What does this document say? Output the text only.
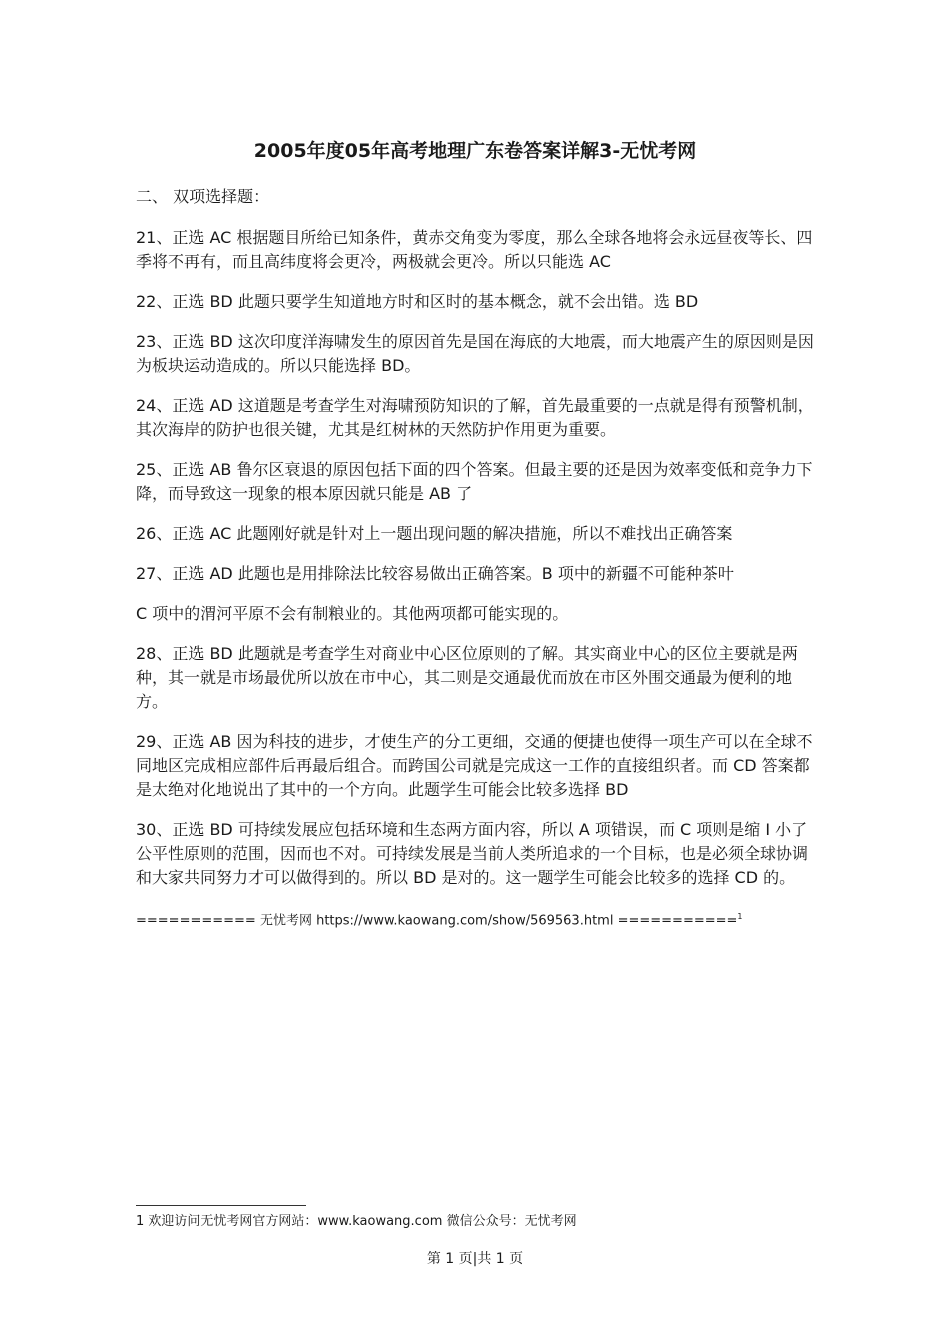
2005年度05年高考地理广东卷答案详解3-无忧考网

二、 双项选择题：

21、正选 AC 根据题目所给已知条件，黄赤交角变为零度，那么全球各地将会永远昼夜等长、四季将不再有，而且高纬度将会更冷，两极就会更冷。所以只能选 AC

22、正选 BD 此题只要学生知道地方时和区时的基本概念，就不会出错。选 BD

23、正选 BD 这次印度洋海啸发生的原因首先是国在海底的大地震，而大地震产生的原因则是因为板块运动造成的。所以只能选择 BD。

24、正选 AD 这道题是考查学生对海啸预防知识的了解，首先最重要的一点就是得有预警机制，其次海岸的防护也很关键，尤其是红树林的天然防护作用更为重要。

25、正选 AB 鲁尔区衰退的原因包括下面的四个答案。但最主要的还是因为效率变低和竞争力下降，而导致这一现象的根本原因就只能是 AB 了

26、正选 AC 此题刚好就是针对上一题出现问题的解决措施，所以不难找出正确答案

27、正选 AD 此题也是用排除法比较容易做出正确答案。B 项中的新疆不可能种茶叶

C 项中的渭河平原不会有制粮业的。其他两项都可能实现的。

28、正选 BD 此题就是考查学生对商业中心区位原则的了解。其实商业中心的区位主要就是两种，其一就是市场最优所以放在市中心，其二则是交通最优而放在市区外围交通最为便利的地方。

29、正选 AB 因为科技的进步，才使生产的分工更细，交通的便捷也使得一项生产可以在全球不同地区完成相应部件后再最后组合。而跨国公司就是完成这一工作的直接组织者。而 CD 答案都是太绝对化地说出了其中的一个方向。此题学生可能会比较多选择 BD

30、正选 BD 可持续发展应包括环境和生态两方面内容，所以 A 项错误，而 C 项则是缩 I 小了公平性原则的范围，因而也不对。可持续发展是当前人类所追求的一个目标，也是必须全球协调和大家共同努力才可以做得到的。所以 BD 是对的。这一题学生可能会比较多的选择 CD 的。

=========== 无忧考网 https://www.kaowang.com/show/569563.html ===========$^1$

1 欢迎访问无忧考网官方网站：www.kaowang.com 微信公众号：无忧考网

第 1 页|共 1 页
